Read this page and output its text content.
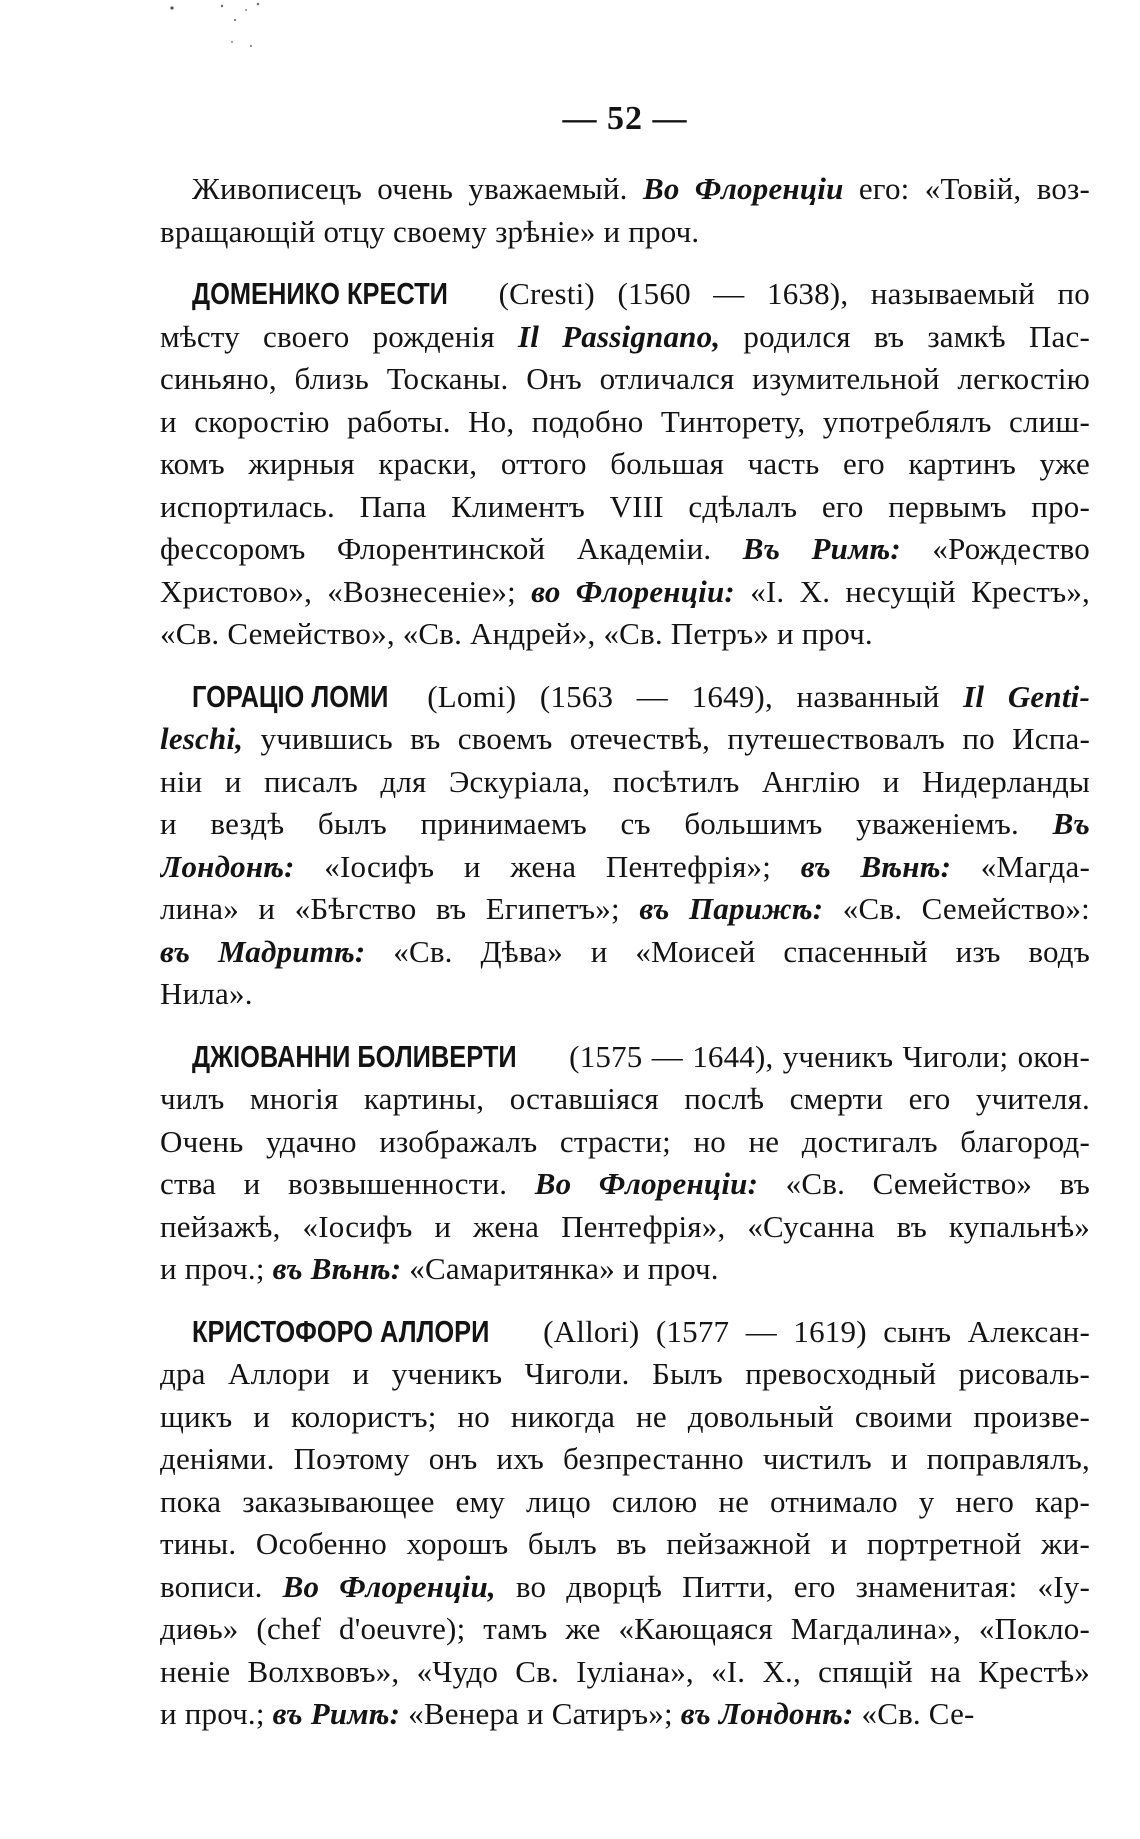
— 52 —

Живописецъ очень уважаемый. Во Флоренціи его: «Товій, воз-

вращающій отцу своему зрѣніе» и проч.

ДОМЕНИКО КРЕСТИ (Cresti) (1560 — 1638), называемый по

мѣсту своего рожденія Il Passignano, родился въ замкѣ Пас-

синьяно, близь Тосканы. Онъ отличался изумительной легкостію

и скоростію работы. Но, подобно Тинторету, употреблялъ слиш-

комъ жирныя краски, оттого большая часть его картинъ уже

испортилась. Папа Климентъ VIII сдѣлалъ его первымъ про-

фессоромъ Флорентинской Академіи. Въ Римѣ: «Рождество

Христово», «Вознесеніе»; во Флоренціи: «I. X. несущій Крестъ»,

«Св. Семейство», «Св. Андрей», «Св. Петръ» и проч.

ГОРАЦІО ЛОМИ (Lomi) (1563 — 1649), названный Il Genti-

leschi, учившись въ своемъ отечествѣ, путешествовалъ по Испа-

ніи и писалъ для Эскуріала, посѣтилъ Англію и Нидерланды

и вездѣ былъ принимаемъ съ большимъ уваженіемъ. Въ

Лондонѣ: «Іосифъ и жена Пентефрія»; въ Вѣнѣ: «Магда-

лина» и «Бѣгство въ Египетъ»; въ Парижѣ: «Св. Семейство»:

въ Мадритѣ: «Св. Дѣва» и «Моисей спасенный изъ водъ

Нила».

ДЖІОВАННИ БОЛИВЕРТИ (1575 — 1644), ученикъ Чиголи; окон-

чилъ многія картины, оставшіяся послѣ смерти его учителя.

Очень удачно изображалъ страсти; но не достигалъ благород-

ства и возвышенности. Во Флоренціи: «Св. Семейство» въ

пейзажѣ, «Іосифъ и жена Пентефрія», «Сусанна въ купальнѣ»

и проч.; въ Вѣнѣ: «Самаритянка» и проч.

КРИСТОФОРО АЛЛОРИ (Allori) (1577 — 1619) сынъ Алексан-

дра Аллори и ученикъ Чиголи. Былъ превосходный рисоваль-

щикъ и колористъ; но никогда не довольный своими произве-

деніями. Поэтому онъ ихъ безпрестанно чистилъ и поправлялъ,

пока заказывающее ему лицо силою не отнимало у него кар-

тины. Особенно хорошъ былъ въ пейзажной и портретной жи-

вописи. Во Флоренціи, во дворцѣ Питти, его знаменитая: «Іу-

диѳь» (chef d'oeuvre); тамъ же «Кающаяся Магдалина», «Покло-

неніе Волхвовъ», «Чудо Св. Іуліана», «I. X., спящій на Крестѣ»

и проч.; въ Римѣ: «Венера и Сатиръ»; въ Лондонѣ: «Св. Се-
